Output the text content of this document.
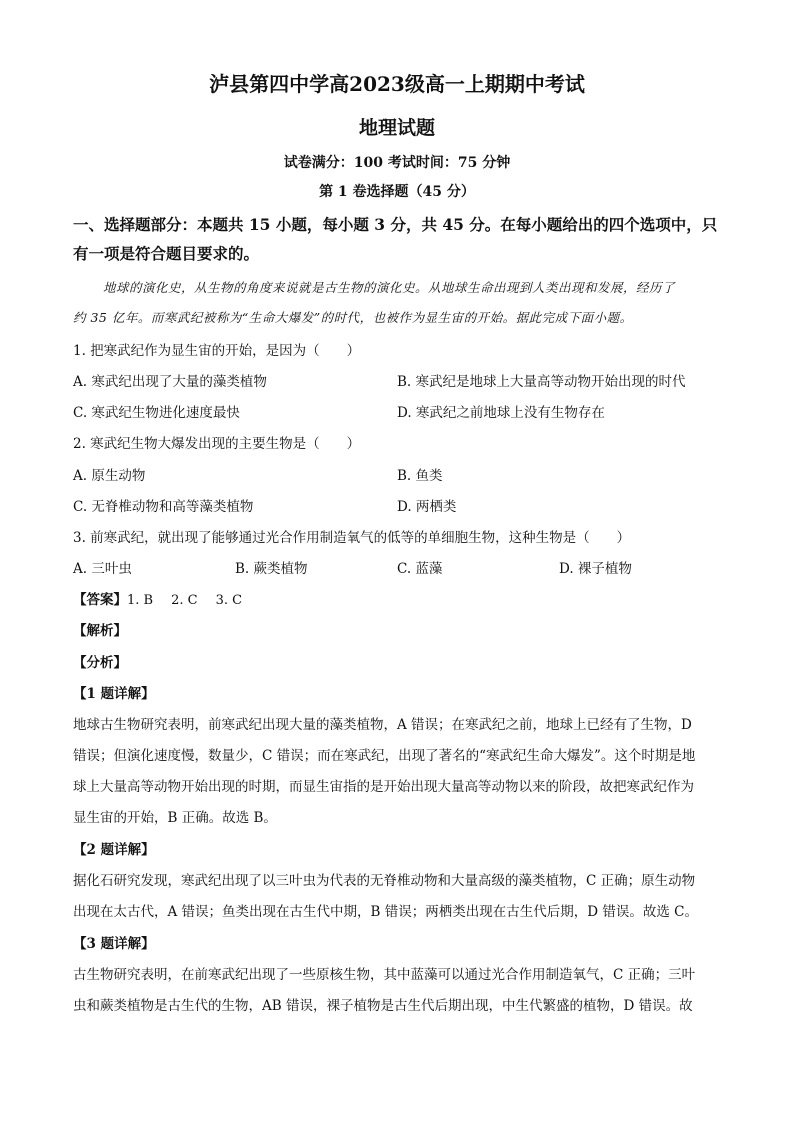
泸县第四中学高2023级高一上期期中考试
地理试题
试卷满分：100 考试时间：75 分钟
第 1 卷选择题（45 分）
一、选择题部分：本题共 15 小题，每小题 3 分，共 45 分。在每小题给出的四个选项中，只
有一项是符合题目要求的。
地球的演化史，从生物的角度来说就是古生物的演化史。从地球生命出现到人类出现和发展，经历了
约 35 亿年。而寒武纪被称为“生命大爆发”的时代，也被作为显生宙的开始。据此完成下面小题。
1. 把寒武纪作为显生宙的开始，是因为（　　）
A. 寒武纪出现了大量的藻类植物	B. 寒武纪是地球上大量高等动物开始出现的时代
C. 寒武纪生物进化速度最快	D. 寒武纪之前地球上没有生物存在
2. 寒武纪生物大爆发出现的主要生物是（　　）
A. 原生动物	B. 鱼类
C. 无脊椎动物和高等藻类植物	D. 两栖类
3. 前寒武纪，就出现了能够通过光合作用制造氧气的低等的单细胞生物，这种生物是（　　）
A. 三叶虫	B. 蕨类植物	C. 蓝藻	D. 裸子植物
【答案】1. B 2. C 3. C
【解析】
【分析】
【1 题详解】
地球古生物研究表明，前寒武纪出现大量的藻类植物，A 错误；在寒武纪之前，地球上已经有了生物，D
错误；但演化速度慢，数量少，C 错误；而在寒武纪，出现了著名的“寒武纪生命大爆发”。这个时期是地
球上大量高等动物开始出现的时期，而显生宙指的是开始出现大量高等动物以来的阶段，故把寒武纪作为
显生宙的开始，B 正确。故选 B。
【2 题详解】
据化石研究发现，寒武纪出现了以三叶虫为代表的无脊椎动物和大量高级的藻类植物，C 正确；原生动物
出现在太古代，A 错误；鱼类出现在古生代中期，B 错误；两栖类出现在古生代后期，D 错误。故选 C。
【3 题详解】
古生物研究表明，在前寒武纪出现了一些原核生物，其中蓝藻可以通过光合作用制造氧气，C 正确；三叶
虫和蕨类植物是古生代的生物，AB 错误，裸子植物是古生代后期出现，中生代繁盛的植物，D 错误。故
